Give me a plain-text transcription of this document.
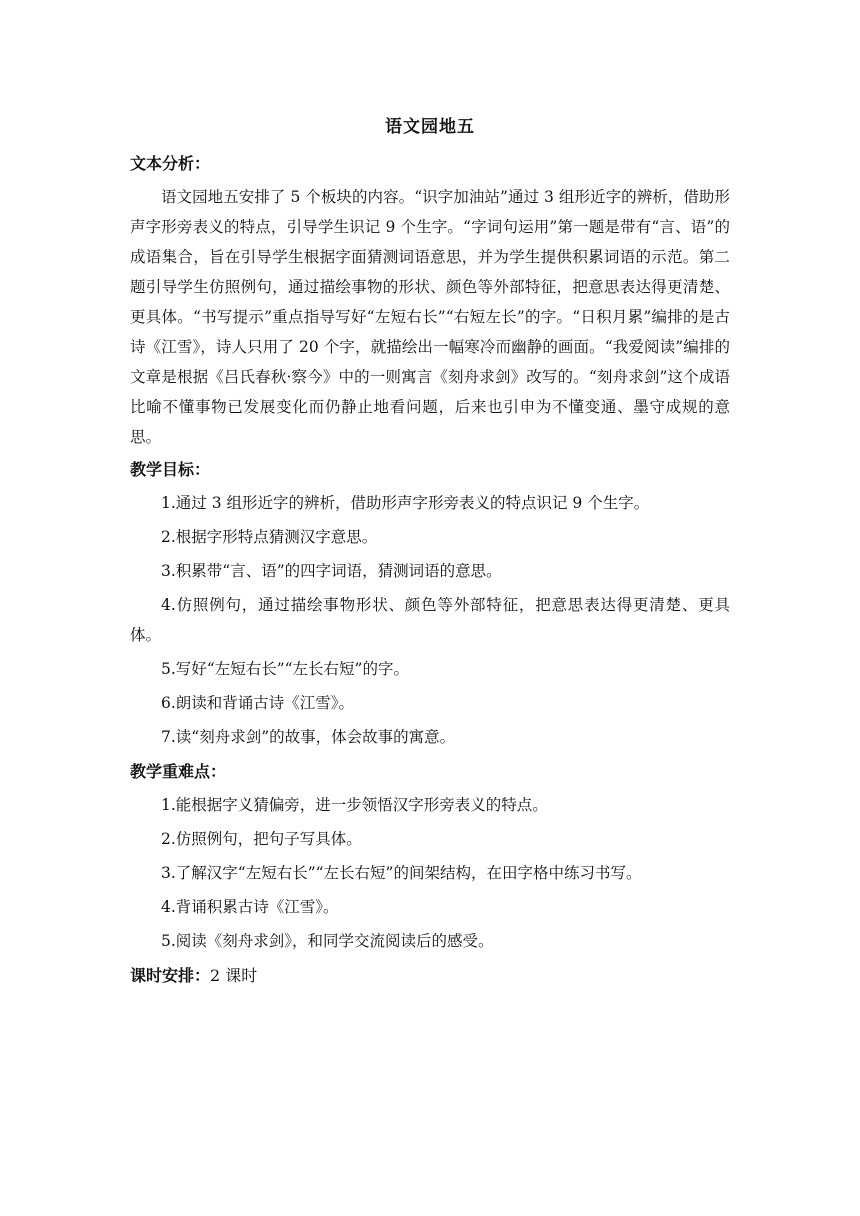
语文园地五
文本分析：

语文园地五安排了 5 个板块的内容。“识字加油站”通过 3 组形近字的辨析，借助形声字形旁表义的特点，引导学生识记 9 个生字。“字词句运用”第一题是带有“言、语”的成语集合，旨在引导学生根据字面猜测词语意思，并为学生提供积累词语的示范。第二题引导学生仿照例句，通过描绘事物的形状、颜色等外部特征，把意思表达得更清楚、更具体。“书写提示”重点指导写好“左短右长”“右短左长”的字。“日积月累”编排的是古诗《江雪》，诗人只用了 20 个字，就描绘出一幅寒冷而幽静的画面。“我爱阅读”编排的文章是根据《吕氏春秋·察今》中的一则寓言《刻舟求剑》改写的。“刻舟求剑”这个成语比喻不懂事物已发展变化而仍静止地看问题，后来也引申为不懂变通、墨守成规的意思。

教学目标：
1.通过 3 组形近字的辨析，借助形声字形旁表义的特点识记 9 个生字。
2.根据字形特点猜测汉字意思。
3.积累带“言、语”的四字词语，猜测词语的意思。
4.仿照例句，通过描绘事物形状、颜色等外部特征，把意思表达得更清楚、更具体。
5.写好“左短右长”“左长右短”的字。
6.朗读和背诵古诗《江雪》。
7.读“刻舟求剑”的故事，体会故事的寓意。
教学重难点：
1.能根据字义猜偏旁，进一步领悟汉字形旁表义的特点。
2.仿照例句，把句子写具体。
3.了解汉字“左短右长”“左长右短”的间架结构，在田字格中练习书写。
4.背诵积累古诗《江雪》。
5.阅读《刻舟求剑》，和同学交流阅读后的感受。
课时安排：2 课时
